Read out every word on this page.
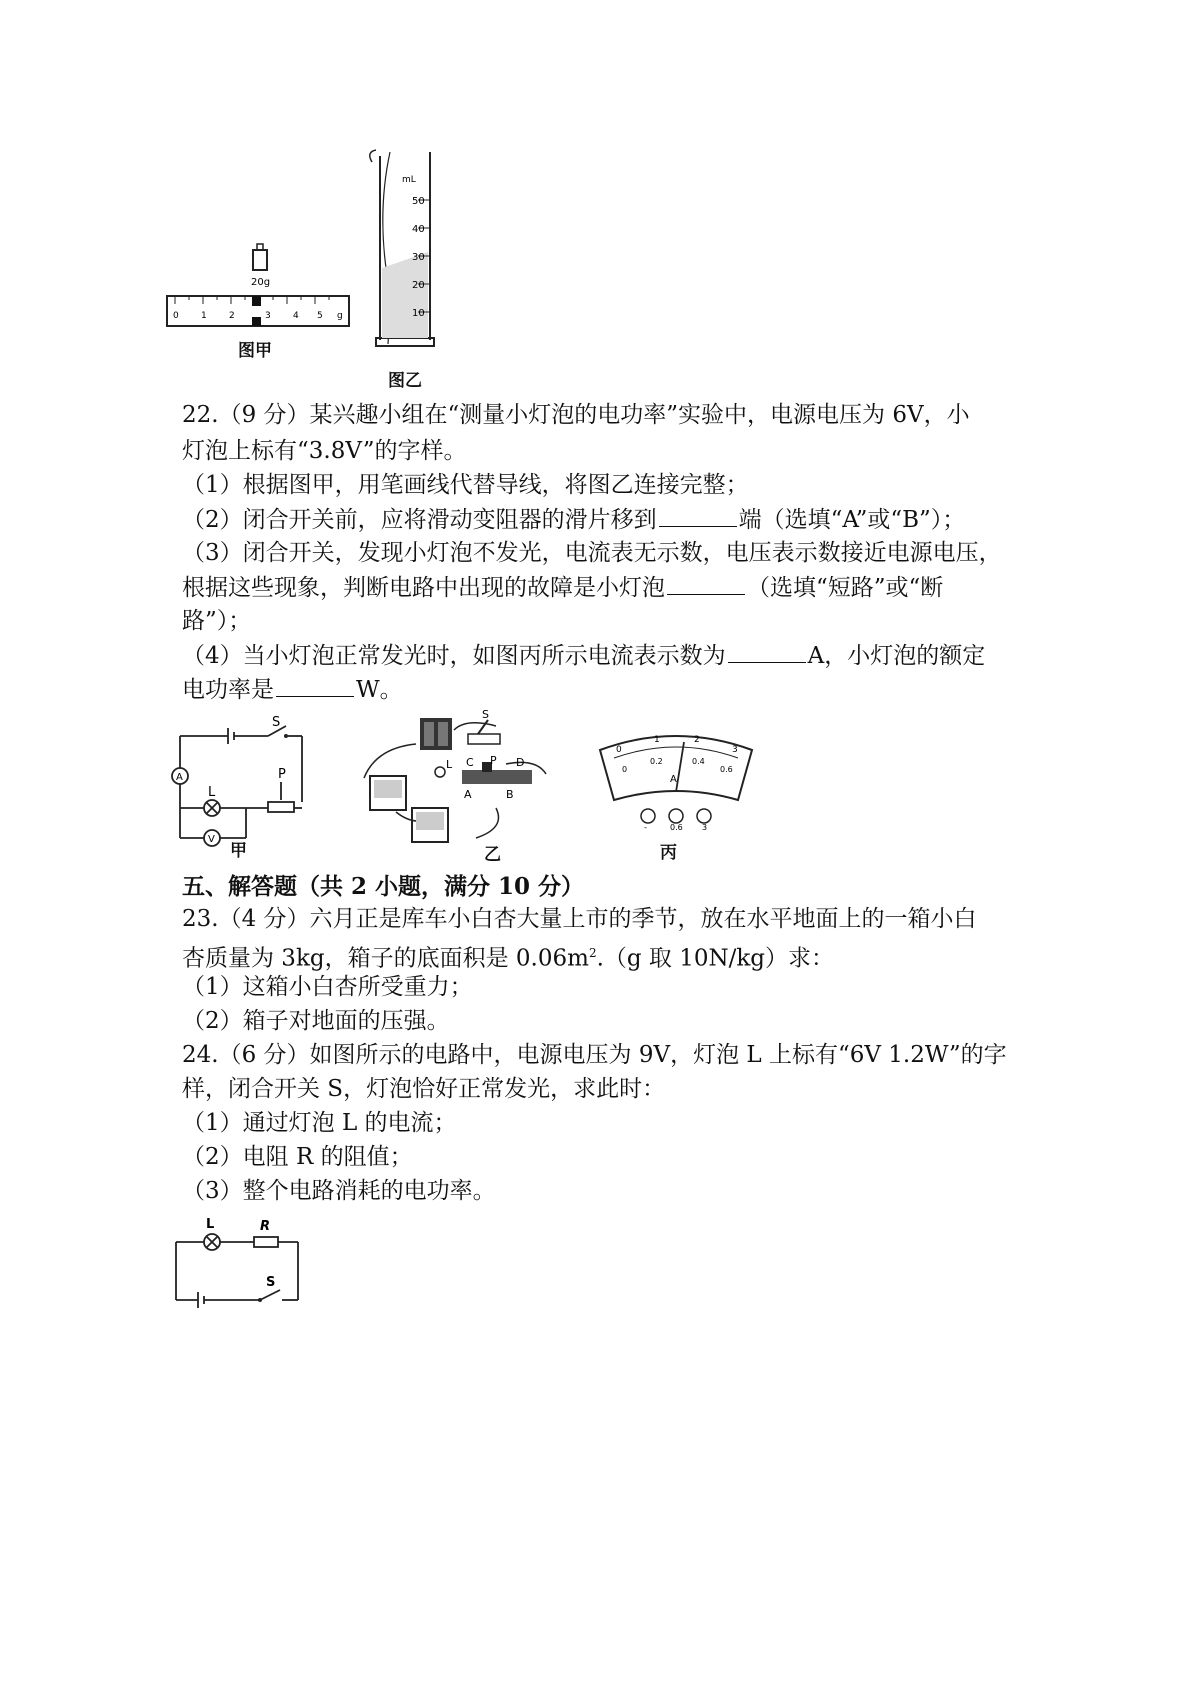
20g
0 1 2	3 4 5 g
图甲
mL
50
40
30
20
10
图乙
22.（9 分）某兴趣小组在“测量小灯泡的电功率”实验中，电源电压为 6V，小
灯泡上标有“3.8V”的字样。
（1）根据图甲，用笔画线代替导线，将图乙连接完整；
（2）闭合开关前，应将滑动变阻器的滑片移到	端（选填“A”或“B”）；
（3）闭合开关，发现小灯泡不发光，电流表无示数，电压表示数接近电源电压，
根据这些现象，判断电路中出现的故障是小灯泡	（选填“短路”或“断
路”）；
（4）当小灯泡正常发光时，如图丙所示电流表示数为	A，小灯泡的额定
电功率是	W。
S
A
L
P
V
甲
S
L C P D
A	B
乙
0
1	2
3
0
0.2	0.4
0.6
A
-	0.6 3
丙
五、解答题（共 2 小题，满分 10 分）
23.（4 分）六月正是库车小白杏大量上市的季节，放在水平地面上的一箱小白
杏质量为 3kg，箱子的底面积是 $0.06m^2.(g$ 取 10N/kg）求：
（1）这箱小白杏所受重力；
（2）箱子对地面的压强。
24.（6 分）如图所示的电路中，电源电压为 9V，灯泡 L 上标有“6V 1.2W”的字
样，闭合开关 S，灯泡恰好正常发光，求此时：
（1）通过灯泡 L 的电流；
（2）电阻 R 的阻值；
（3）整个电路消耗的电功率。
L	R
S
